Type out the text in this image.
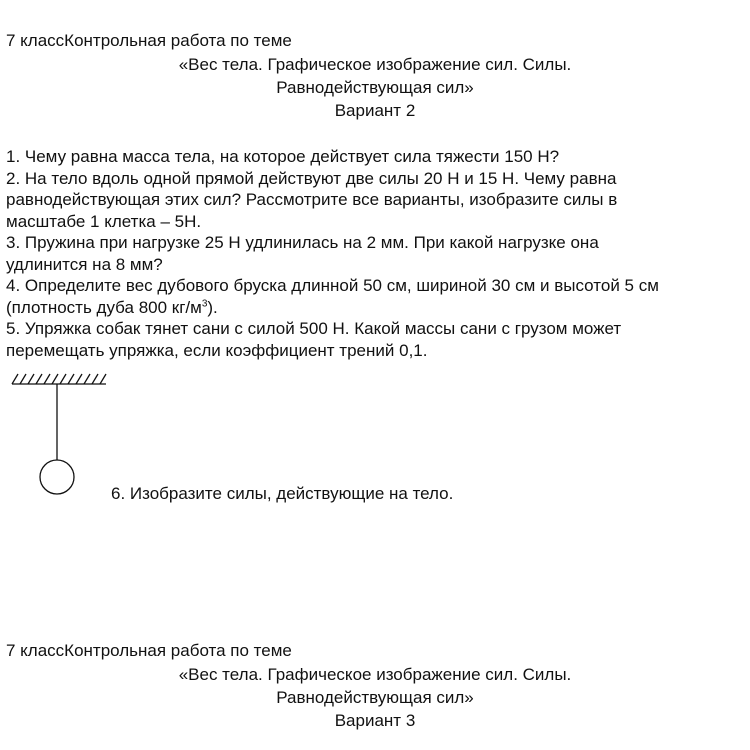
7 классКонтрольная работа по теме
«Вес тела. Графическое изображение сил. Силы.
Равнодействующая сил»
Вариант 2

1. Чему равна масса тела, на которое действует сила тяжести 150 Н?

2. На тело вдоль одной прямой действуют две силы 20 Н и 15 Н. Чему равна

равнодействующая этих сил? Рассмотрите все варианты, изобразите силы в

масштабе 1 клетка – 5Н.

3. Пружина при нагрузке 25 Н удлинилась на 2 мм. При какой нагрузке она

удлинится на 8 мм?

4. Определите вес дубового бруска длинной 50 см, шириной 30 см и высотой 5 см

(плотность дуба 800 $кг/м^3$).

5. Упряжка собак тянет сани с силой 500 Н. Какой массы сани с грузом может

перемещать упряжка, если коэффициент трений 0,1.

6. Изобразите силы, действующие на тело.
7 классКонтрольная работа по теме
«Вес тела. Графическое изображение сил. Силы.
Равнодействующая сил»
Вариант 3
